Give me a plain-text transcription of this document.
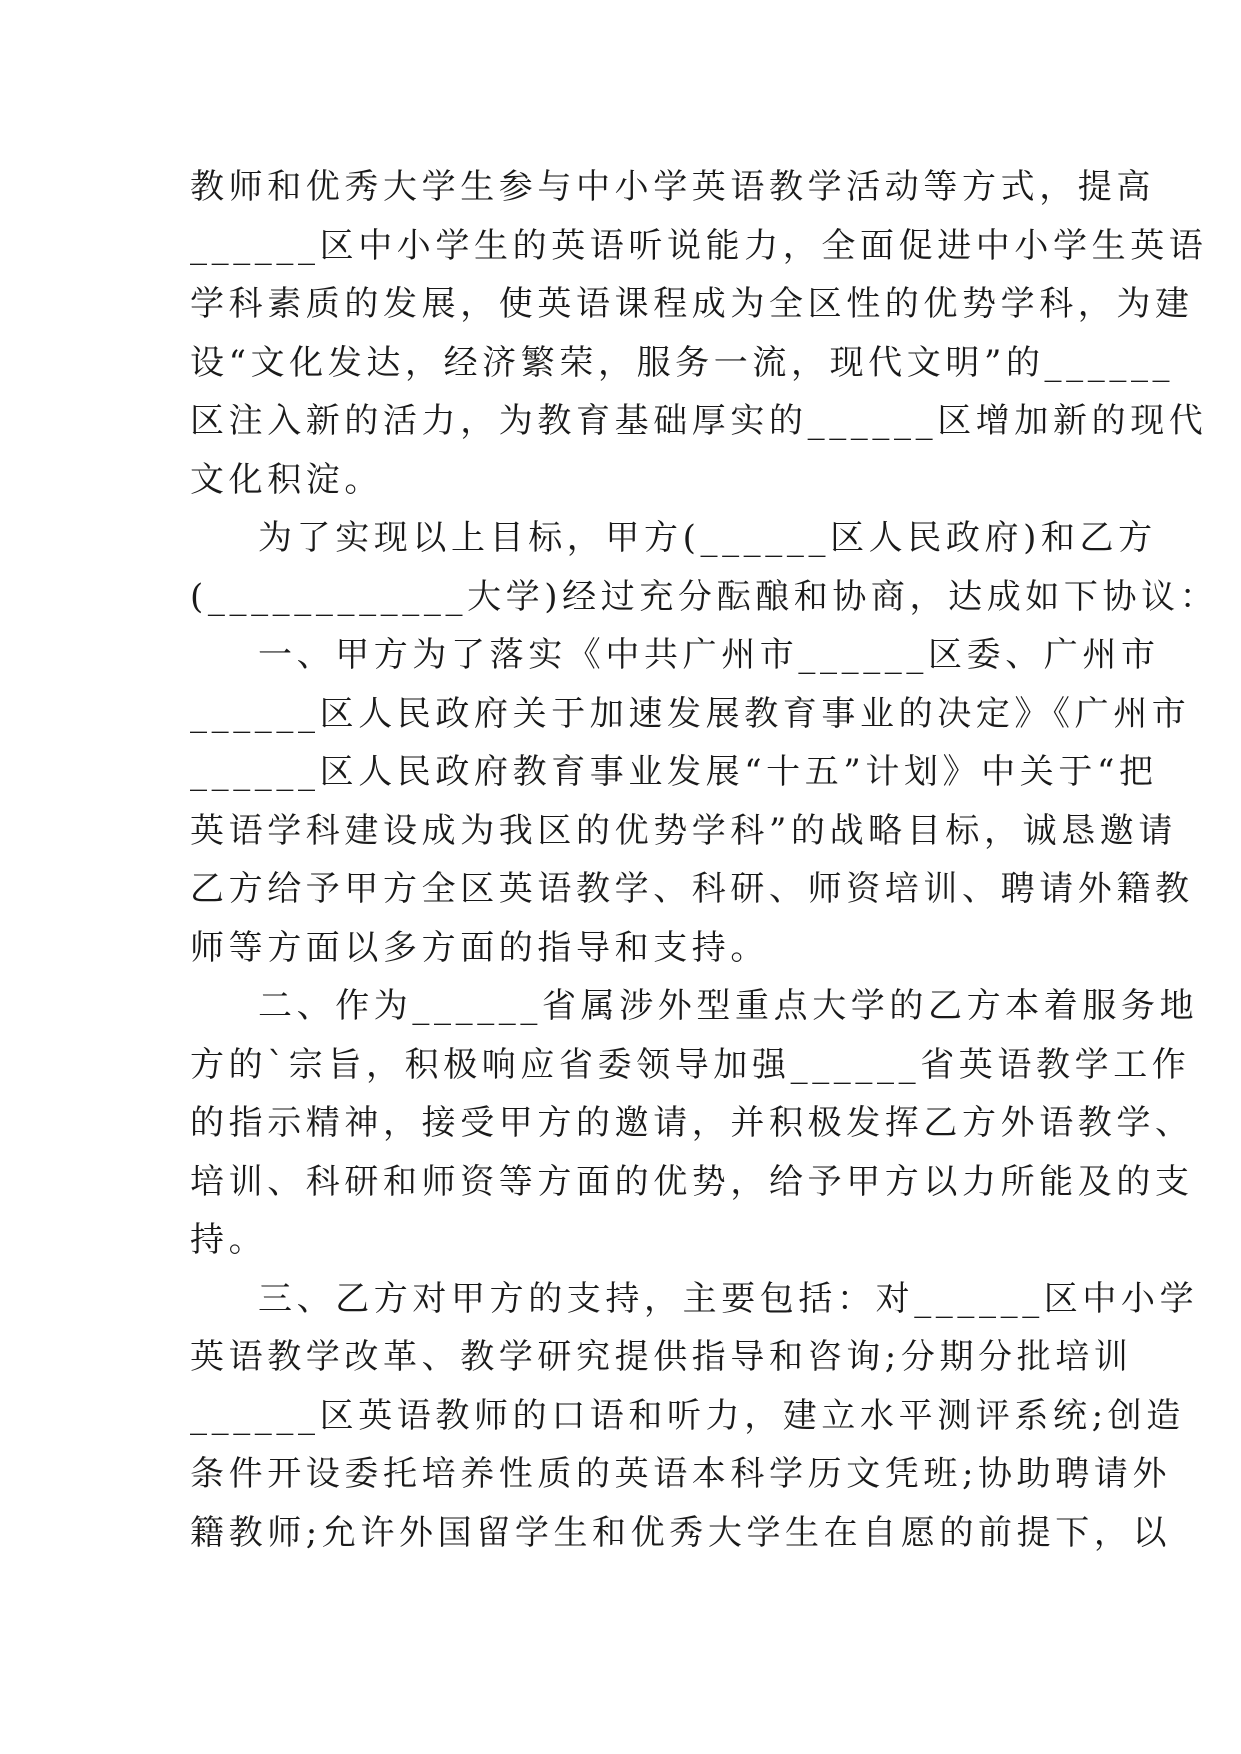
教师和优秀大学生参与中小学英语教学活动等方式，提高
______区中小学生的英语听说能力，全面促进中小学生英语
学科素质的发展，使英语课程成为全区性的优势学科，为建
设“文化发达，经济繁荣，服务一流，现代文明”的______
区注入新的活力，为教育基础厚实的______区增加新的现代
文化积淀。
为了实现以上目标，甲方(______区人民政府)和乙方
(____________大学)经过充分酝酿和协商，达成如下协议：
一、甲方为了落实《中共广州市______区委、广州市
______区人民政府关于加速发展教育事业的决定》《广州市
______区人民政府教育事业发展“十五”计划》中关于“把
英语学科建设成为我区的优势学科”的战略目标，诚恳邀请
乙方给予甲方全区英语教学、科研、师资培训、聘请外籍教
师等方面以多方面的指导和支持。
二、作为______省属涉外型重点大学的乙方本着服务地
方的`宗旨，积极响应省委领导加强______省英语教学工作
的指示精神，接受甲方的邀请，并积极发挥乙方外语教学、
培训、科研和师资等方面的优势，给予甲方以力所能及的支
持。
三、乙方对甲方的支持，主要包括：对______区中小学
英语教学改革、教学研究提供指导和咨询;分期分批培训
______区英语教师的口语和听力，建立水平测评系统;创造
条件开设委托培养性质的英语本科学历文凭班;协助聘请外
籍教师;允许外国留学生和优秀大学生在自愿的前提下，以
